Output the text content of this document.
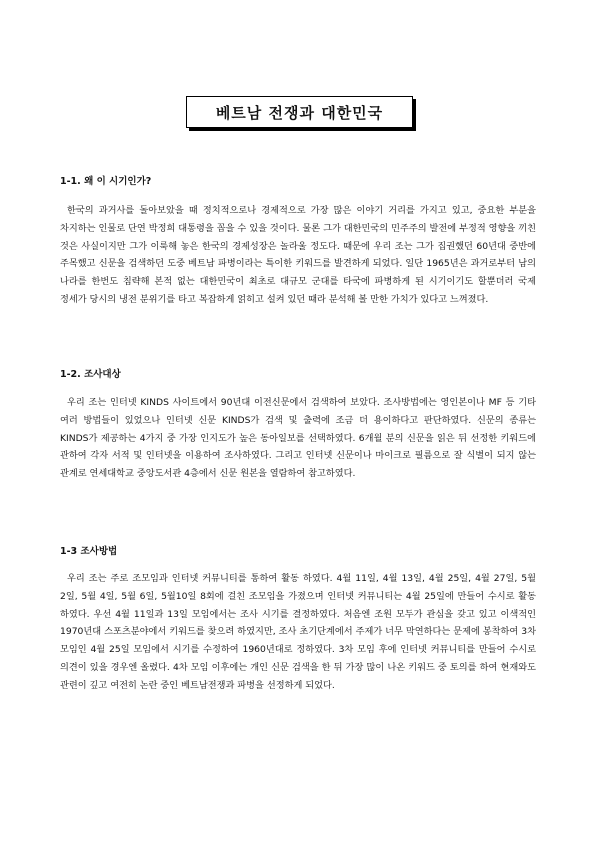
베트남 전쟁과 대한민국
1-1. 왜 이 시기인가?
한국의 과거사를 돌아보았을 때 정치적으로나 경제적으로 가장 많은 이야기 거리를 가지고 있고, 중요한 부분을 차지하는 인물로 단연 박정희 대통령을 꼽을 수 있을 것이다. 물론 그가 대한민국의 민주주의 발전에 부정적 영향을 끼친 것은 사실이지만 그가 이룩해 놓은 한국의 경제성장은 놀라울 정도다. 때문에 우리 조는 그가 집권했던 60년대 중반에 주목했고 신문을 검색하던 도중 베트남 파병이라는 특이한 키워드를 발견하게 되었다. 일단 1965년은 과거로부터 남의 나라를 한번도 침략해 본적 없는 대한민국이 최초로 대규모 군대를 타국에 파병하게 된 시기이기도 할뿐더러 국제 정세가 당시의 냉전 분위기를 타고 복잡하게 얽히고 설켜 있던 때라 분석해 볼 만한 가치가 있다고 느껴졌다.
1-2. 조사대상
우리 조는 인터넷 KINDS 사이트에서 90년대 이전신문에서 검색하여 보았다. 조사방법에는 영인본이나 MF 등 기타 여러 방법들이 있었으나 인터넷 신문 KINDS가 검색 및 출력에 조금 더 용이하다고 판단하였다. 신문의 종류는 KINDS가 제공하는 4가지 중 가장 인지도가 높은 동아일보를 선택하였다. 6개월 분의 신문을 읽은 뒤 선정한 키워드에 관하여 각자 서적 및 인터넷을 이용하여 조사하였다. 그리고 인터넷 신문이나 마이크로 필름으로 잘 식별이 되지 않는 관계로 연세대학교 중앙도서관 4층에서 신문 원본을 열람하여 참고하였다.
1-3 조사방법
우리 조는 주로 조모임과 인터넷 커뮤니티를 통하여 활동 하였다. 4월 11일, 4월 13일, 4월 25일, 4월 27일, 5월 2일, 5월 4일, 5월 6일, 5월10일 8회에 걸친 조모임을 가졌으며 인터넷 커뮤니티는 4월 25일에 만들어 수시로 활동 하였다. 우선 4월 11일과 13일 모임에서는 조사 시기를 결정하였다. 처음엔 조원 모두가 관심을 갖고 있고 이색적인 1970년대 스포츠분야에서 키워드를 찾으려 하였지만, 조사 초기단계에서 주제가 너무 막연하다는 문제에 봉착하여 3차 모임인 4월 25일 모임에서 시기를 수정하여 1960년대로 정하였다. 3차 모임 후에 인터넷 커뮤니티를 만들어 수시로 의견이 있을 경우엔 올렸다. 4차 모임 이후에는 개인 신문 검색을 한 뒤 가장 많이 나온 키워드 중 토의를 하여 현재와도 관련이 깊고 여전히 논란 중인 베트남전쟁과 파병을 선정하게 되었다.
